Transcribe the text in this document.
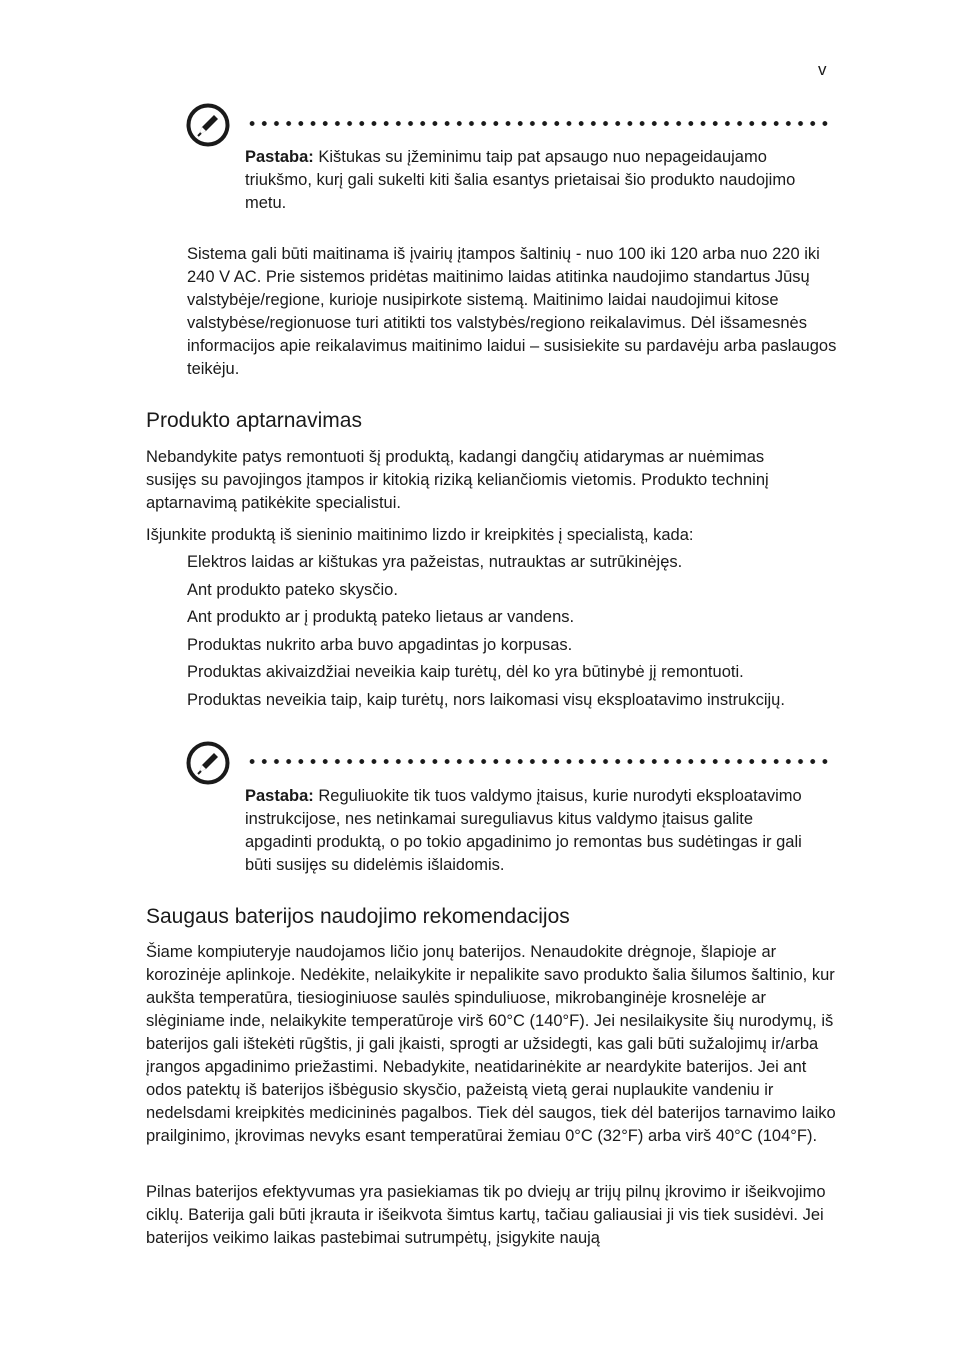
v
Pastaba: Kištukas su įžeminimu taip pat apsaugo nuo nepageidaujamo triukšmo, kurį gali sukelti kiti šalia esantys prietaisai šio produkto naudojimo metu.

Sistema gali būti maitinama iš įvairių įtampos šaltinių - nuo 100 iki 120 arba nuo 220 iki 240 V AC. Prie sistemos pridėtas maitinimo laidas atitinka naudojimo standartus Jūsų valstybėje/regione, kurioje nusipirkote sistemą. Maitinimo laidai naudojimui kitose valstybėse/regionuose turi atitikti tos valstybės/regiono reikalavimus. Dėl išsamesnės informacijos apie reikalavimus maitinimo laidui – susisiekite su pardavėju arba paslaugos teikėju.

Produkto aptarnavimas

Nebandykite patys remontuoti šį produktą, kadangi dangčių atidarymas ar nuėmimas susijęs su pavojingos įtampos ir kitokią riziką keliančiomis vietomis. Produkto techninį aptarnavimą patikėkite specialistui.

Išjunkite produktą iš sieninio maitinimo lizdo ir kreipkitės į specialistą, kada:

Elektros laidas ar kištukas yra pažeistas, nutrauktas ar sutrūkinėjęs.
Ant produkto pateko skysčio.
Ant produkto ar į produktą pateko lietaus ar vandens.
Produktas nukrito arba buvo apgadintas jo korpusas.
Produktas akivaizdžiai neveikia kaip turėtų, dėl ko yra būtinybė jį remontuoti.
Produktas neveikia taip, kaip turėtų, nors laikomasi visų eksploatavimo instrukcijų.
Pastaba: Reguliuokite tik tuos valdymo įtaisus, kurie nurodyti eksploatavimo instrukcijose, nes netinkamai sureguliavus kitus valdymo įtaisus galite apgadinti produktą, o po tokio apgadinimo jo remontas bus sudėtingas ir gali būti susijęs su didelėmis išlaidomis.
Saugaus baterijos naudojimo rekomendacijos

Šiame kompiuteryje naudojamos ličio jonų baterijos. Nenaudokite drėgnoje, šlapioje ar korozinėje aplinkoje. Nedėkite, nelaikykite ir nepalikite savo produkto šalia šilumos šaltinio, kur aukšta temperatūra, tiesioginiuose saulės spinduliuose, mikrobanginėje krosnelėje ar slėginiame inde, nelaikykite temperatūroje virš 60°C (140°F). Jei nesilaikysite šių nurodymų, iš baterijos gali ištekėti rūgštis, ji gali įkaisti, sprogti ar užsidegti, kas gali būti sužalojimų ir/arba įrangos apgadinimo priežastimi. Nebadykite, neatidarinėkite ar neardykite baterijos. Jei ant odos patektų iš baterijos išbėgusio skysčio, pažeistą vietą gerai nuplaukite vandeniu ir nedelsdami kreipkitės medicininės pagalbos. Tiek dėl saugos, tiek dėl baterijos tarnavimo laiko prailginimo, įkrovimas nevyks esant temperatūrai žemiau 0°C (32°F) arba virš 40°C (104°F).

Pilnas baterijos efektyvumas yra pasiekiamas tik po dviejų ar trijų pilnų įkrovimo ir išeikvojimo ciklų. Baterija gali būti įkrauta ir išeikvota šimtus kartų, tačiau galiausiai ji vis tiek susidėvi. Jei baterijos veikimo laikas pastebimai sutrumpėtų, įsigykite naują
